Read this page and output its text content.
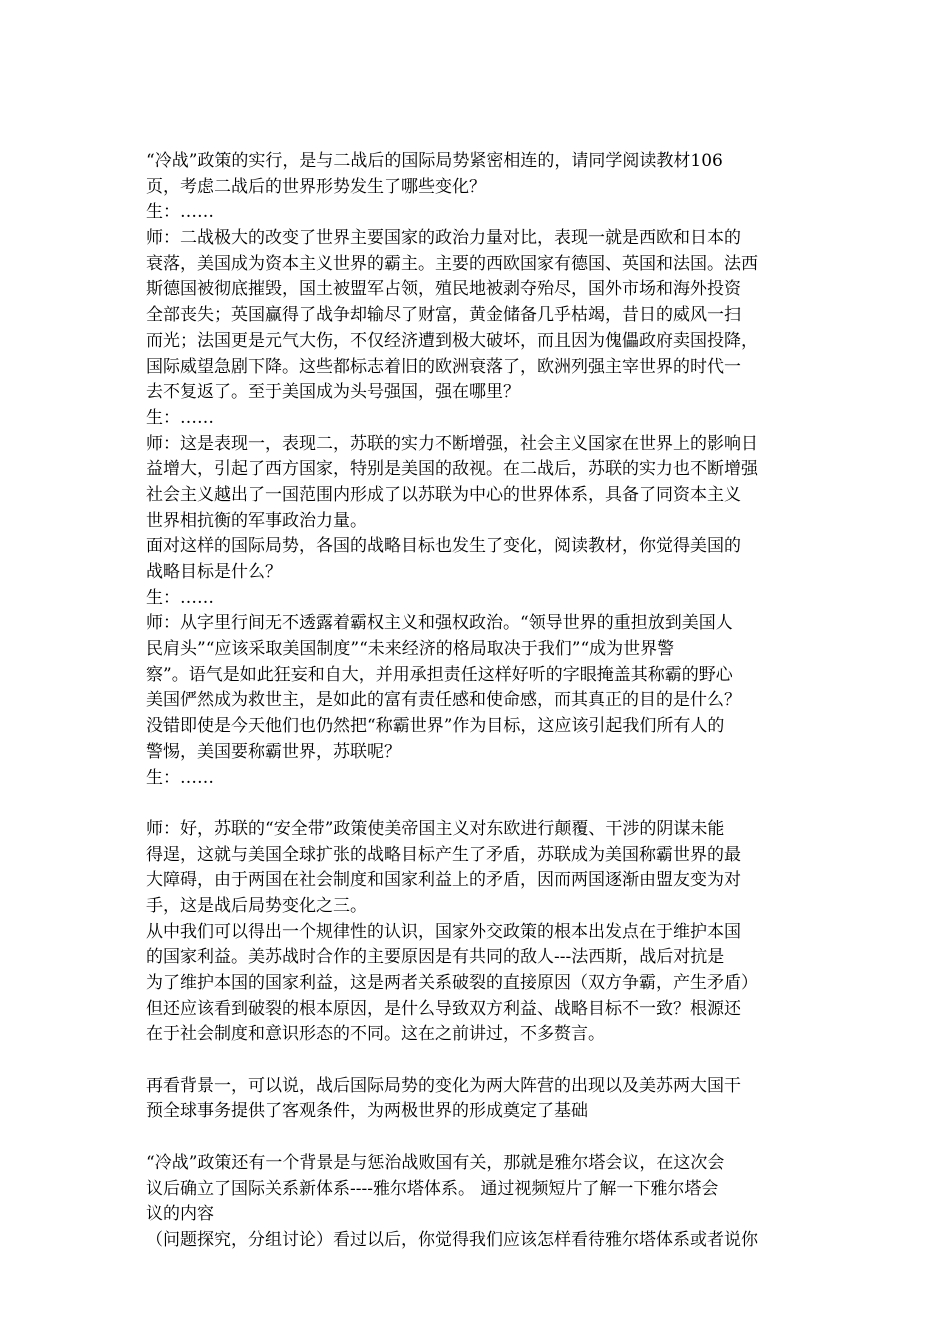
“冷战”政策的实行，是与二战后的国际局势紧密相连的，请同学阅读教材106
页，考虑二战后的世界形势发生了哪些变化？
生：……
师：二战极大的改变了世界主要国家的政治力量对比，表现一就是西欧和日本的
衰落，美国成为资本主义世界的霸主。主要的西欧国家有德国、英国和法国。法西
斯德国被彻底摧毁，国土被盟军占领，殖民地被剥夺殆尽，国外市场和海外投资
全部丧失；英国赢得了战争却输尽了财富，黄金储备几乎枯竭，昔日的威风一扫
而光；法国更是元气大伤，不仅经济遭到极大破坏，而且因为傀儡政府卖国投降，
国际威望急剧下降。这些都标志着旧的欧洲衰落了，欧洲列强主宰世界的时代一
去不复返了。至于美国成为头号强国，强在哪里？
生：……
师：这是表现一，表现二，苏联的实力不断增强，社会主义国家在世界上的影响日
益增大，引起了西方国家，特别是美国的敌视。在二战后，苏联的实力也不断增强
社会主义越出了一国范围内形成了以苏联为中心的世界体系，具备了同资本主义
世界相抗衡的军事政治力量。
面对这样的国际局势，各国的战略目标也发生了变化，阅读教材，你觉得美国的
战略目标是什么？
生：……
师：从字里行间无不透露着霸权主义和强权政治。“领导世界的重担放到美国人
民肩头”“应该采取美国制度”“未来经济的格局取决于我们”“成为世界警
察”。语气是如此狂妄和自大，并用承担责任这样好听的字眼掩盖其称霸的野心
美国俨然成为救世主，是如此的富有责任感和使命感，而其真正的目的是什么？
没错即使是今天他们也仍然把“称霸世界”作为目标，这应该引起我们所有人的
警惕，美国要称霸世界，苏联呢？
生：……
师：好，苏联的“安全带”政策使美帝国主义对东欧进行颠覆、干涉的阴谋未能
得逞，这就与美国全球扩张的战略目标产生了矛盾，苏联成为美国称霸世界的最
大障碍，由于两国在社会制度和国家利益上的矛盾，因而两国逐渐由盟友变为对
手，这是战后局势变化之三。
从中我们可以得出一个规律性的认识，国家外交政策的根本出发点在于维护本国
的国家利益。美苏战时合作的主要原因是有共同的敌人---法西斯，战后对抗是
为了维护本国的国家利益，这是两者关系破裂的直接原因（双方争霸，产生矛盾）
但还应该看到破裂的根本原因，是什么导致双方利益、战略目标不一致？根源还
在于社会制度和意识形态的不同。这在之前讲过，不多赘言。
再看背景一，可以说，战后国际局势的变化为两大阵营的出现以及美苏两大国干
预全球事务提供了客观条件，为两极世界的形成奠定了基础
“冷战”政策还有一个背景是与惩治战败国有关，那就是雅尔塔会议，在这次会
议后确立了国际关系新体系----雅尔塔体系。 通过视频短片了解一下雅尔塔会
议的内容
（问题探究，分组讨论）看过以后，你觉得我们应该怎样看待雅尔塔体系或者说你
